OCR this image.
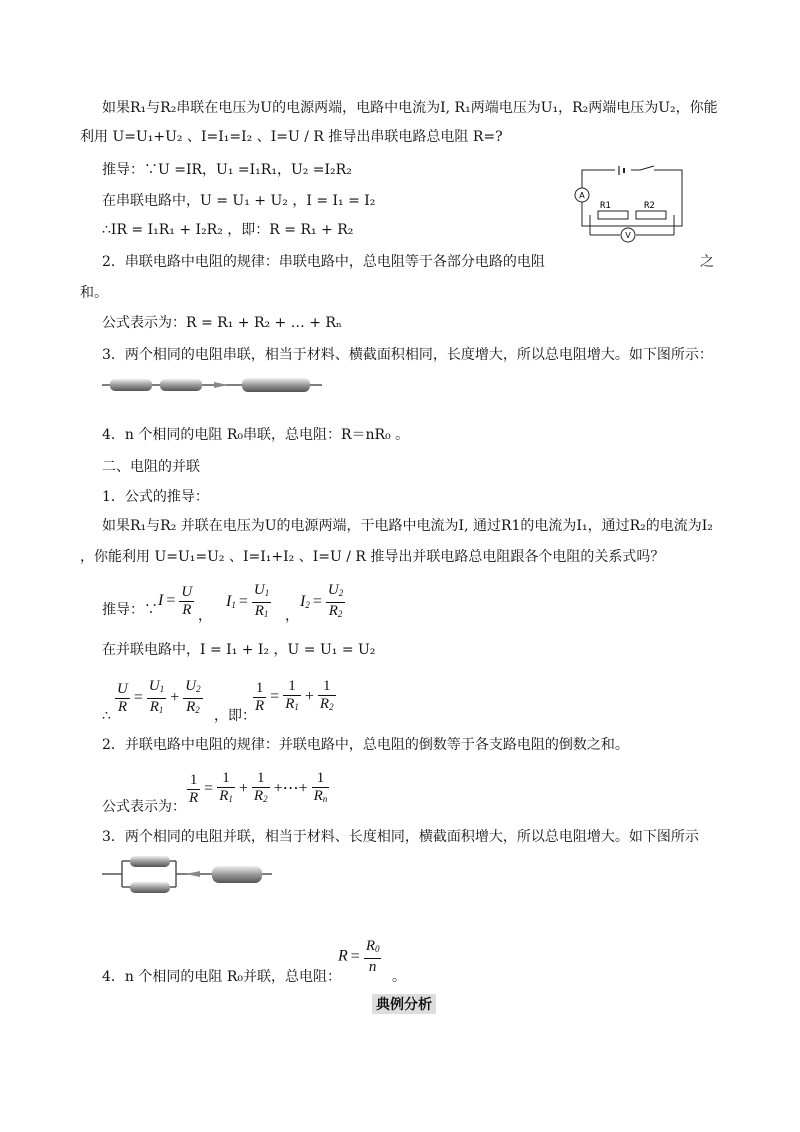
如果R₁与R₂串联在电压为U的电源两端，电路中电流为I, R₁两端电压为U₁，R₂两端电压为U₂，你能
利用 U=U₁+U₂ 、I=I₁=I₂ 、I=U / R 推导出串联电路总电阻 R=?
推导：∵U =IR，U₁ =I₁R₁，U₂ =I₂R₂
在串联电路中，U = U₁ + U₂ ，I = I₁ = I₂
∴IR = I₁R₁ + I₂R₂ ，即：R = R₁ + R₂
A
R1	R2
V
2．串联电路中电阻的规律：串联电路中，总电阻等于各部分电路的电阻	之
和。
公式表示为：R = R₁ + R₂ + … + Rₙ
3．两个相同的电阻串联，相当于材料、横截面积相同，长度增大，所以总电阻增大。如下图所示：
4．n 个相同的电阻 R₀串联，总电阻：R＝nR₀ 。
二、电阻的并联
1．公式的推导：
如果R₁与R₂ 并联在电压为U的电源两端，干电路中电流为I, 通过R1的电流为I₁，通过R₂的电流为I₂
，你能利用 U=U₁=U₂ 、I=I₁+I₂ 、I=U / R 推导出并联电路总电阻跟各个电阻的关系式吗？
推导：∵
$I = \frac{U}{R}$ ，
$I_1 = \frac{U_1}{R_1}$ ，
$I_2 = \frac{U_2}{R_2}$
在并联电路中，I = I₁ + I₂ ，U = U₁ = U₂
∴ $\frac{U}{R} = \frac{U_1}{R_1} + \frac{U_2}{R_2}$ ，即：
$\frac{1}{R} = \frac{1}{R_1} + \frac{1}{R_2}$
2．并联电路中电阻的规律：并联电路中，总电阻的倒数等于各支路电阻的倒数之和。
公式表示为：
$\frac{1}{R} = \frac{1}{R_1} + \frac{1}{R_2}$ +⋯+ $\frac{1}{R_n}$
3．两个相同的电阻并联，相当于材料、长度相同，横截面积增大，所以总电阻增大。如下图所示
4．n 个相同的电阻 R₀并联，总电阻：
$R = \frac{R_0}{n}$
。
典例分析
